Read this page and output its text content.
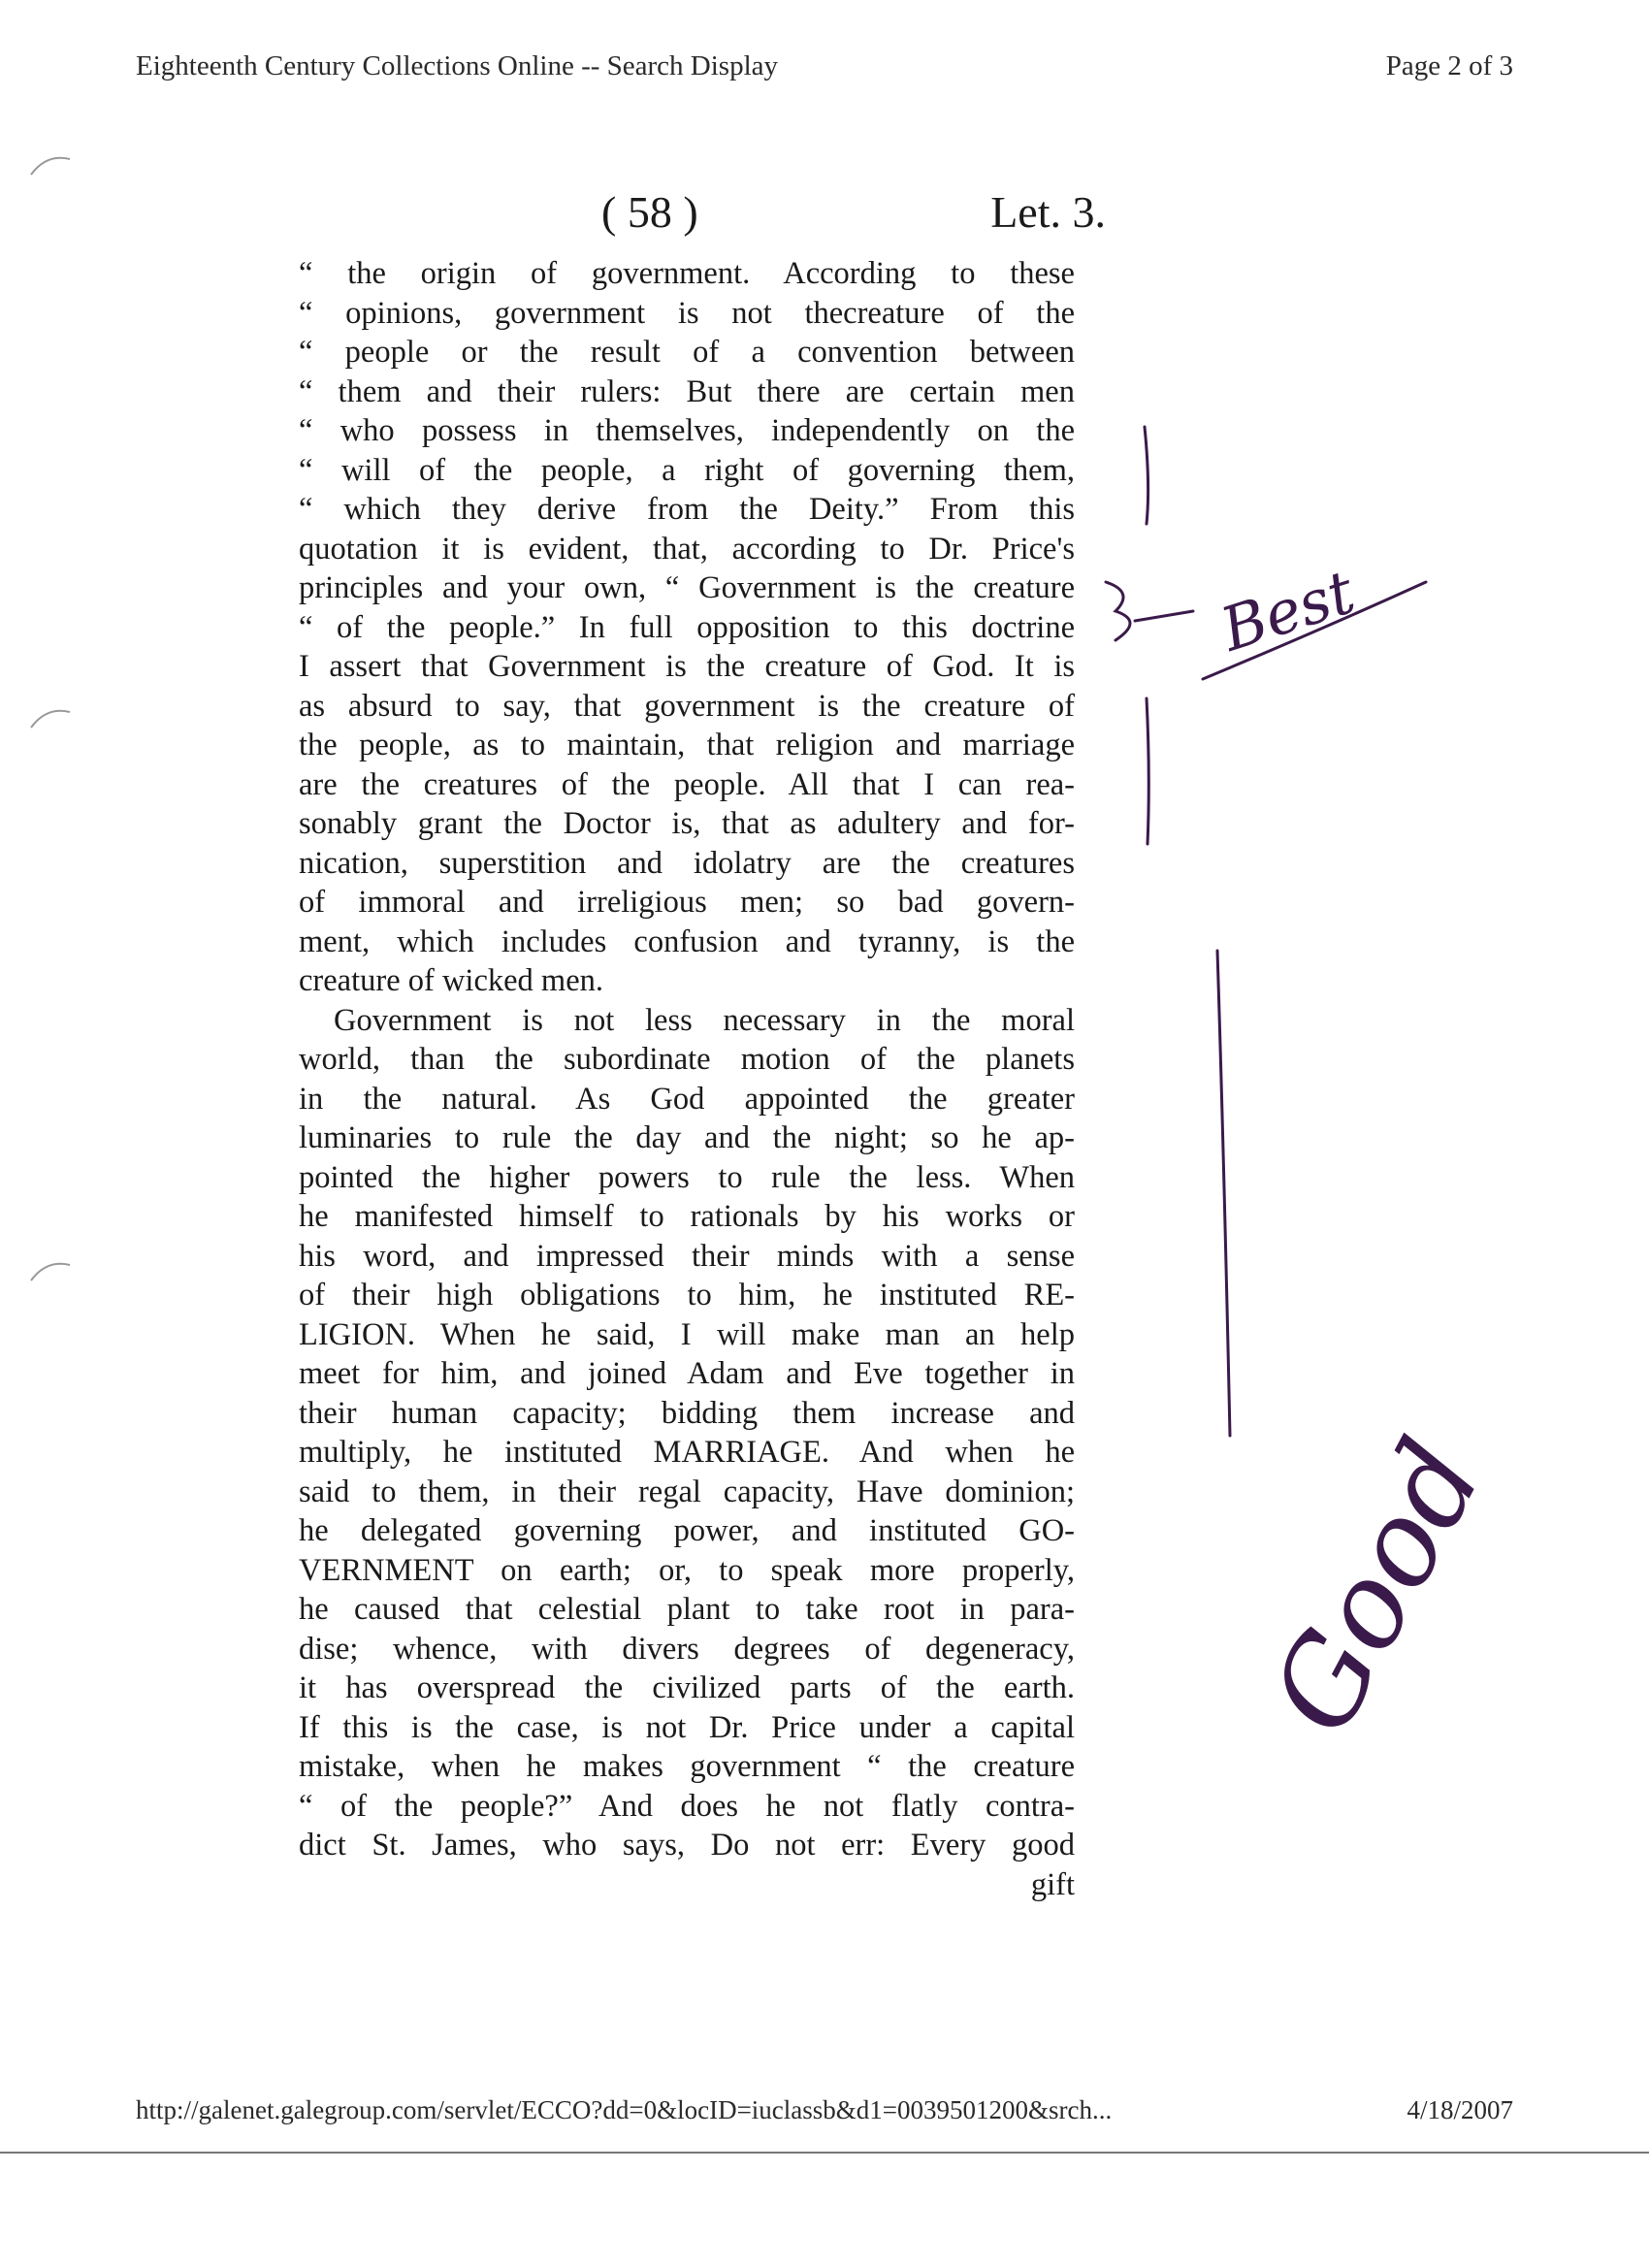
Eighteenth Century Collections Online -- Search Display	Page 2 of 3
( 58 )	Let. 3.
“ the origin of government. According to these
“ opinions, government is not thecreature of the
“ people or the result of a convention between
“ them and their rulers: But there are certain men
“ who possess in themselves, independently on the
“ will of the people, a right of governing them,
“ which they derive from the Deity.” From this
quotation it is evident, that, according to Dr. Price's
principles and your own, “ Government is the creature
“ of the people.” In full opposition to this doctrine
I assert that Government is the creature of God. It is
as absurd to say, that government is the creature of
the people, as to maintain, that religion and marriage
are the creatures of the people. All that I can rea-
sonably grant the Doctor is, that as adultery and for-
nication, superstition and idolatry are the creatures
of immoral and irreligious men; so bad govern-
ment, which includes confusion and tyranny, is the
creature of wicked men.
Government is not less necessary in the moral
world, than the subordinate motion of the planets
in the natural. As God appointed the greater
luminaries to rule the day and the night; so he ap-
pointed the higher powers to rule the less. When
he manifested himself to rationals by his works or
his word, and impressed their minds with a sense
of their high obligations to him, he instituted RE-
LIGION. When he said, I will make man an help
meet for him, and joined Adam and Eve together in
their human capacity; bidding them increase and
multiply, he instituted MARRIAGE. And when he
said to them, in their regal capacity, Have dominion;
he delegated governing power, and instituted GO-
VERNMENT on earth; or, to speak more properly,
he caused that celestial plant to take root in para-
dise; whence, with divers degrees of degeneracy,
it has overspread the civilized parts of the earth.
If this is the case, is not Dr. Price under a capital
mistake, when he makes government “ the creature
“ of the people?” And does he not flatly contra-
dict St. James, who says, Do not err: Every good
gift
Best
Good
http://galenet.galegroup.com/servlet/ECCO?dd=0&locID=iuclassb&d1=0039501200&srch...	4/18/2007
